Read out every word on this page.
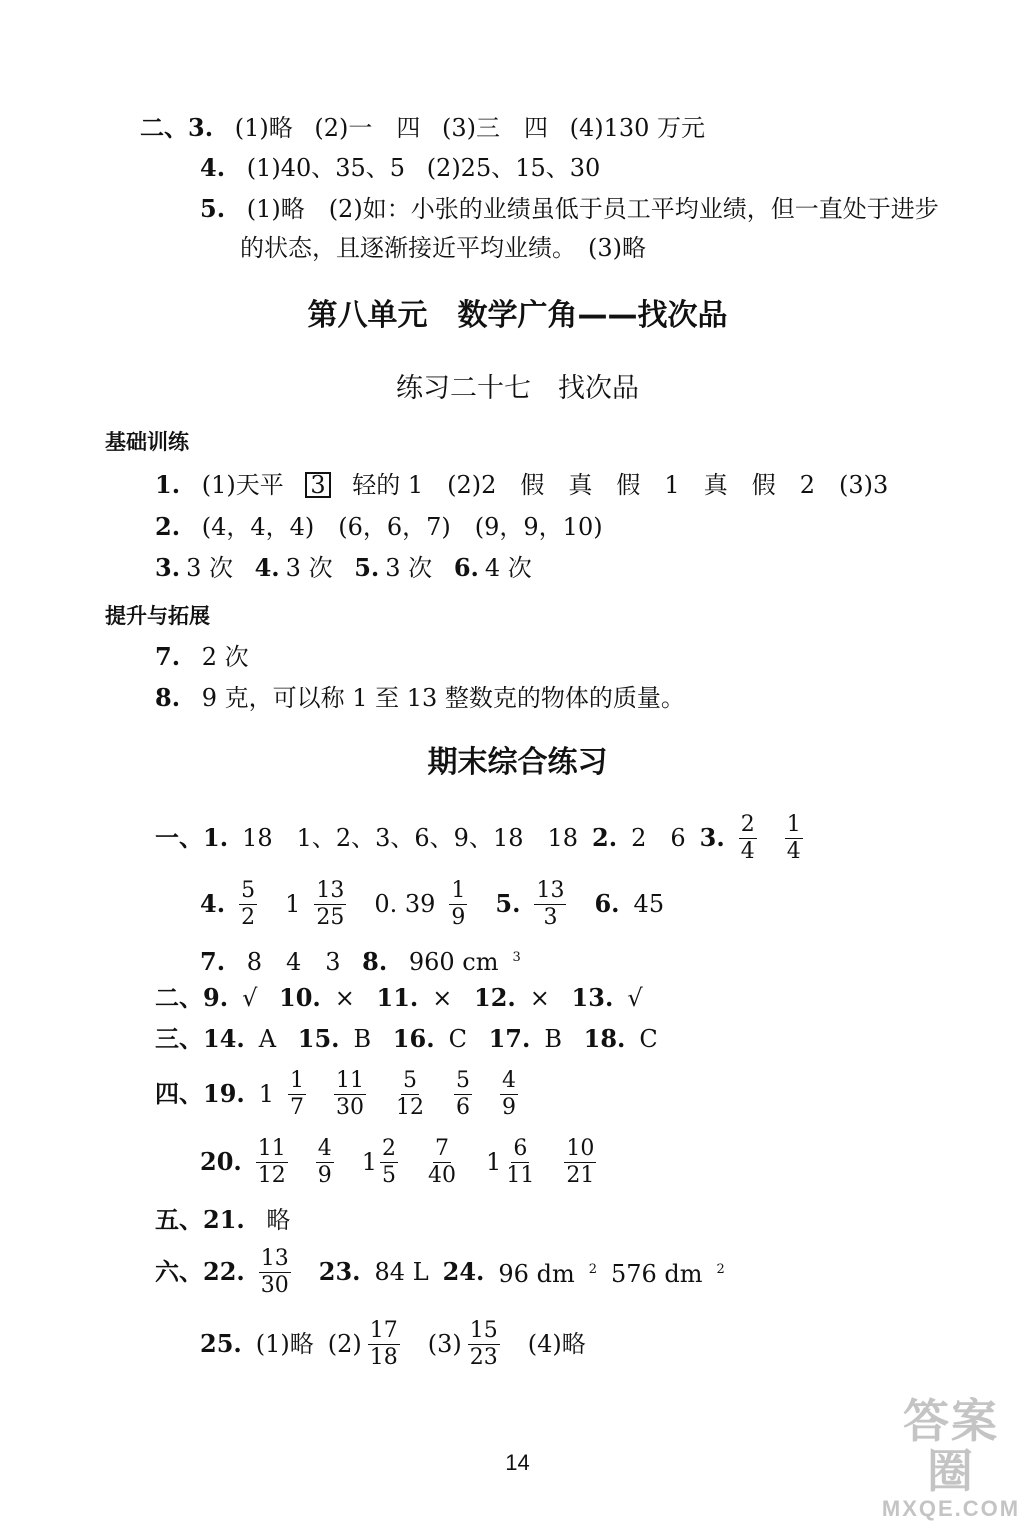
二、3. (1)略 (2)一　四 (3)三　四 (4)130 万元
4. (1)40、35、5 (2)25、15、30
5. (1)略　(2)如：小张的业绩虽低于员工平均业绩，但一直处于进步
的状态，且逐渐接近平均业绩。　(3)略
第八单元　数学广角——找次品
练习二十七　找次品
基础训练
1. (1)天平 3 轻的 1　(2)2　假　真　假　1　真　假　2　(3)3
2. (4，4，4)　(6，6，7)　(9，9，10)
3. 3 次 4. 3 次 5. 3 次 6. 4 次
提升与拓展
7. 2 次
8. 9 克，可以称 1 至 13 整数克的物体的质量。
期末综合练习
一、1. 18　1、2、3、6、9、18　18 2. 2　6 3. $\frac{2}{4} \frac{1}{4}$
4. $\frac{5}{2} 1 \frac{13}{25} 0$. $39 \frac{1}{9} 5$. $\frac{13}{3} 6$. 45
7. 8　4　3 8. 960 cm $^3$
二、9. √ 10. × 11. × 12. × 13. √
三、14. A 15. B 16. C 17. B 18. C
四、19. $1 \frac{1}{7} \frac{11}{30} \frac{5}{12} \frac{5}{6} \frac{4}{9}$
20. $\frac{11}{12} \frac{4}{9} 1 \frac{2}{5} \frac{7}{40} 1 \frac{6}{11} \frac{10}{21}$
五、21. 略
六、22. $\frac{13}{30} 23$. 84 L 24. 96 dm $^2$ 576 dm $^2$
25. (1)略 $(2) \frac{17}{18} (3) \frac{15}{23} (4)$略
14
答案圈
MXQE.COM
